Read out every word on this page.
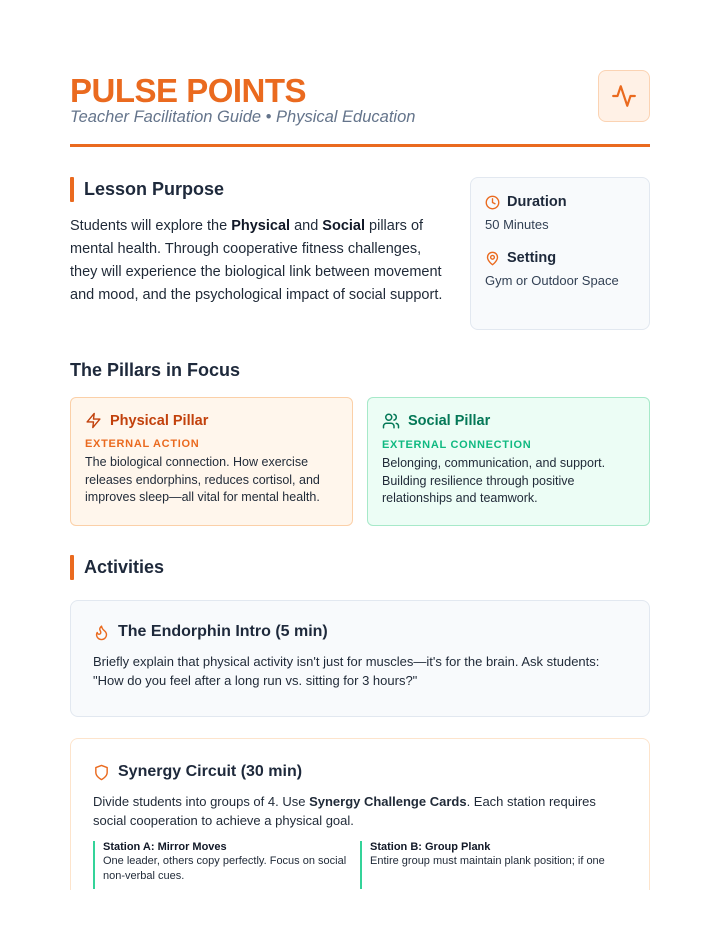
PULSE POINTS
Teacher Facilitation Guide • Physical Education
Lesson Purpose

Students will explore the Physical and Social pillars of mental health. Through cooperative fitness challenges, they will experience the biological link between movement and mood, and the psychological impact of social support.

Duration
50 Minutes
Setting
Gym or Outdoor Space
The Pillars in Focus
Physical Pillar
EXTERNAL ACTION
The biological connection. How exercise releases endorphins, reduces cortisol, and improves sleep—all vital for mental health.
Social Pillar
EXTERNAL CONNECTION
Belonging, communication, and support. Building resilience through positive relationships and teamwork.
Activities
The Endorphin Intro (5 min)
Briefly explain that physical activity isn't just for muscles—it's for the brain. Ask students: "How do you feel after a long run vs. sitting for 3 hours?"
Synergy Circuit (30 min)
Divide students into groups of 4. Use Synergy Challenge Cards. Each station requires social cooperation to achieve a physical goal.
Station A: Mirror Moves
One leader, others copy perfectly. Focus on social non-verbal cues.
Station B: Group Plank
Entire group must maintain plank position; if one
